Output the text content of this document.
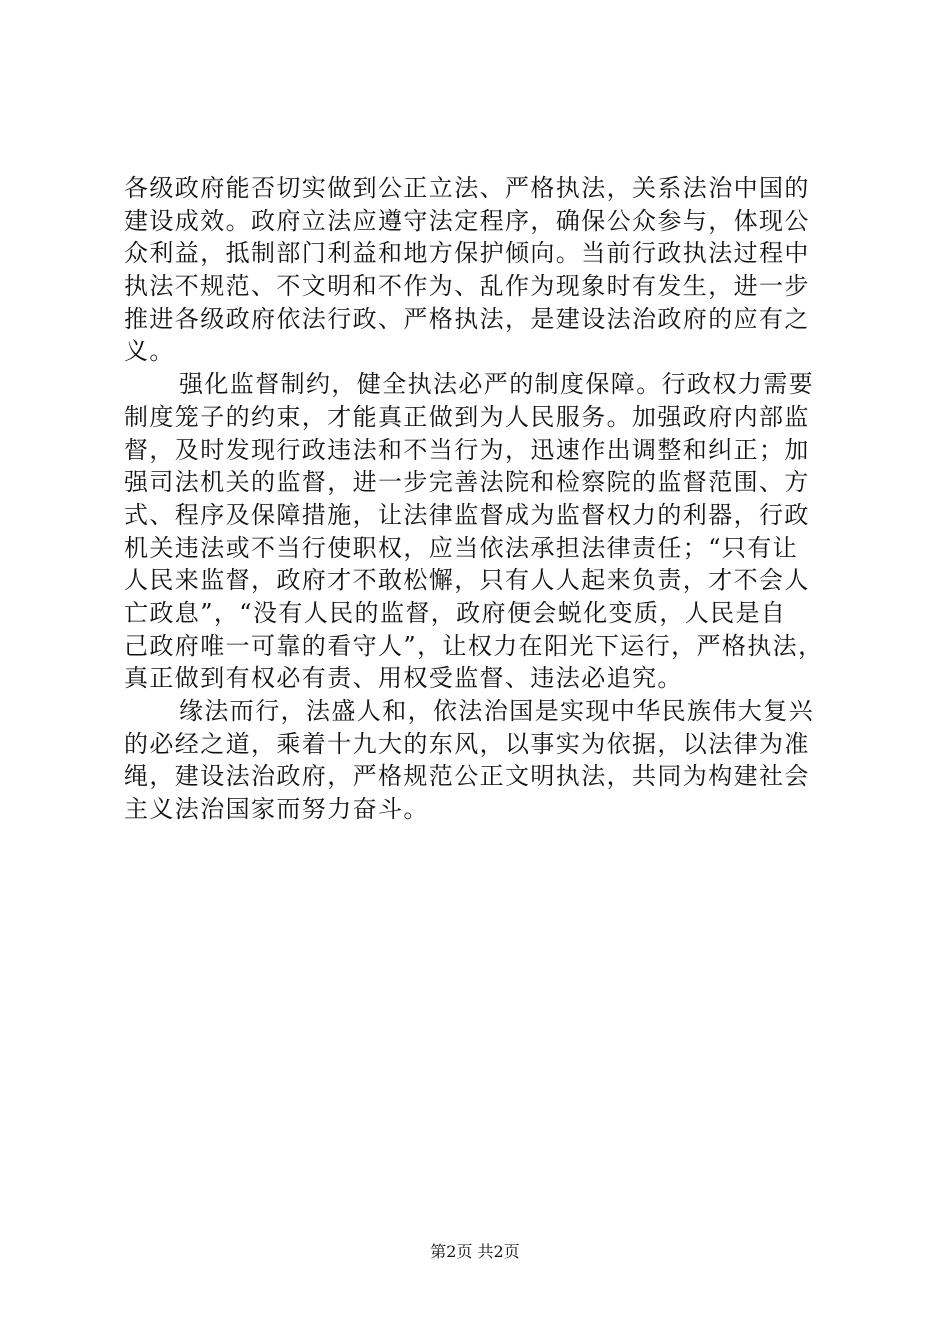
各级政府能否切实做到公正立法、严格执法，关系法治中国的
建设成效。政府立法应遵守法定程序，确保公众参与，体现公
众利益，抵制部门利益和地方保护倾向。当前行政执法过程中
执法不规范、不文明和不作为、乱作为现象时有发生，进一步
推进各级政府依法行政、严格执法，是建设法治政府的应有之
义。
强化监督制约，健全执法必严的制度保障。行政权力需要
制度笼子的约束，才能真正做到为人民服务。加强政府内部监
督，及时发现行政违法和不当行为，迅速作出调整和纠正；加
强司法机关的监督，进一步完善法院和检察院的监督范围、方
式、程序及保障措施，让法律监督成为监督权力的利器，行政
机关违法或不当行使职权，应当依法承担法律责任；“只有让
人民来监督，政府才不敢松懈，只有人人起来负责，才不会人
亡政息”，“没有人民的监督，政府便会蜕化变质，人民是自
己政府唯一可靠的看守人”，让权力在阳光下运行，严格执法，
真正做到有权必有责、用权受监督、违法必追究。
缘法而行，法盛人和，依法治国是实现中华民族伟大复兴
的必经之道，乘着十九大的东风，以事实为依据，以法律为准
绳，建设法治政府，严格规范公正文明执法，共同为构建社会
主义法治国家而努力奋斗。
第2页 共2页
